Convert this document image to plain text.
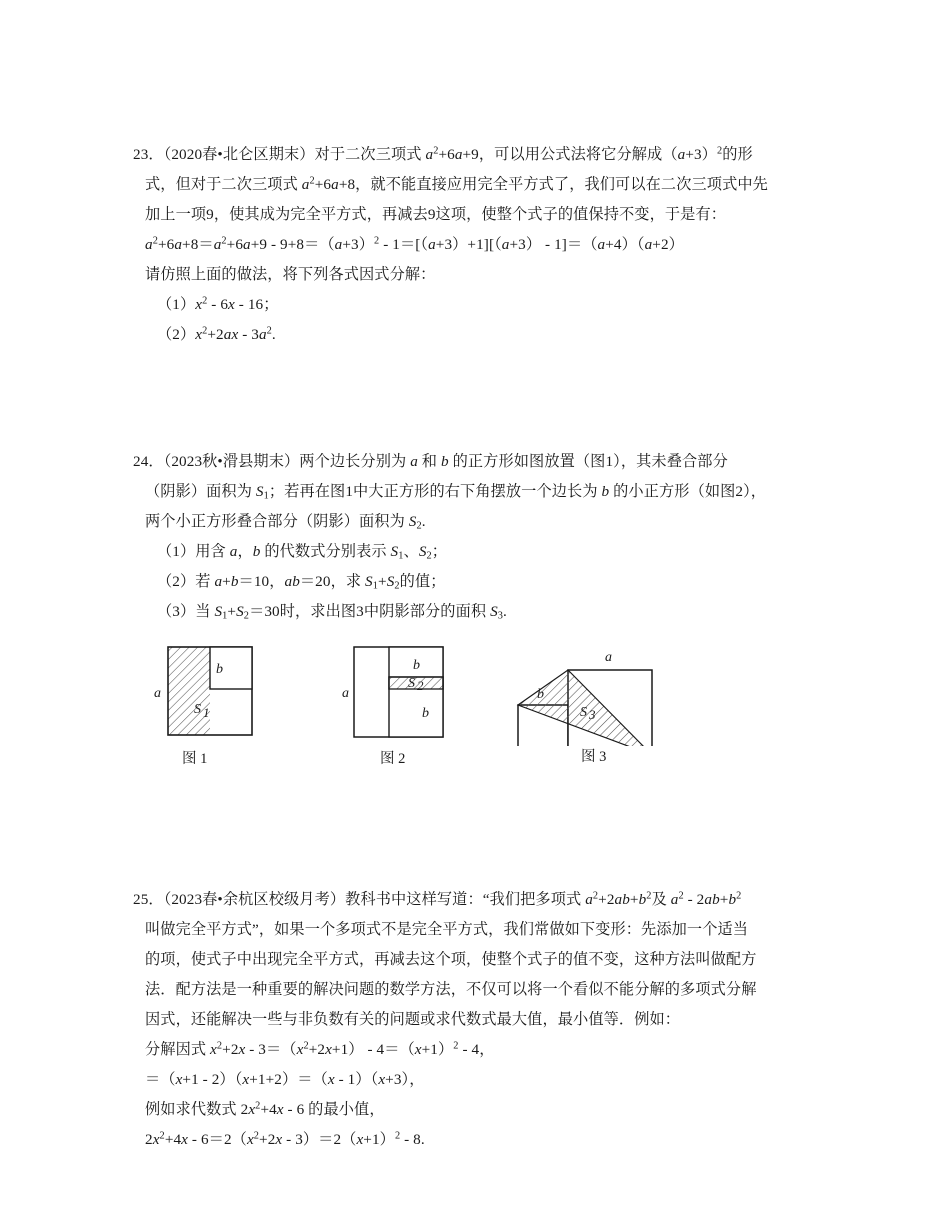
23．（2020春•北仑区期末）对于二次三项式 $a^2+6a+9$，可以用公式法将它分解成$(a+3)^2$的形
式，但对于二次三项式 $a^2+6a+8$，就不能直接应用完全平方式了，我们可以在二次三项式中先
加上一项9，使其成为完全平方式，再减去9这项，使整个式子的值保持不变，于是有：
$a^2+6a+8=a^2+6a+9 - 9+8=(a+3)^2 - 1=[(a+3)+1][(a+3) - 1]=(a+4)(a+2)$
请仿照上面的做法，将下列各式因式分解：
$(1)x^2 - 6x - 16$；
$(2)x^2+2ax - 3a^2$.
24．（2023秋•滑县期末）两个边长分别为 a 和 b 的正方形如图放置（图1），其未叠合部分
（阴影）面积为 $S_1$；若再在图1中大正方形的右下角摆放一个边长为 b 的小正方形（如图2），
两个小正方形叠合部分（阴影）面积为 $S_2$.
（1）用含 a，b 的代数式分别表示 $S_1$、$S_2$；
（2）若 a+b＝10，ab＝20，求 $S_1+S_2$的值；
（3）当 $S_1+S_2=30$时，求出图3中阴影部分的面积 $S_3$.
a
b
S 1
图 1
a
b
b
S 2
图 2
a
b
S 3
图 3
25．（2023春•余杭区校级月考）教科书中这样写道：“我们把多项式 $a^2+2ab+b^2$及 $a^2 - 2ab+b^2$
叫做完全平方式”，如果一个多项式不是完全平方式，我们常做如下变形：先添加一个适当
的项，使式子中出现完全平方式，再减去这个项，使整个式子的值不变，这种方法叫做配方
法．配方法是一种重要的解决问题的数学方法，不仅可以将一个看似不能分解的多项式分解
因式，还能解决一些与非负数有关的问题或求代数式最大值，最小值等．例如：
分解因式 $x^2+2x - 3=(x^2+2x+1) - 4=(x+1)^2 - 4$，
＝（x+1 - 2）（x+1+2）＝（x - 1）（x+3），
例如求代数式 $2x^2+4x - 6$ 的最小值，
$2x^2+4x - 6=2(x^2+2x - 3)=2(x+1)^2 - 8$.
